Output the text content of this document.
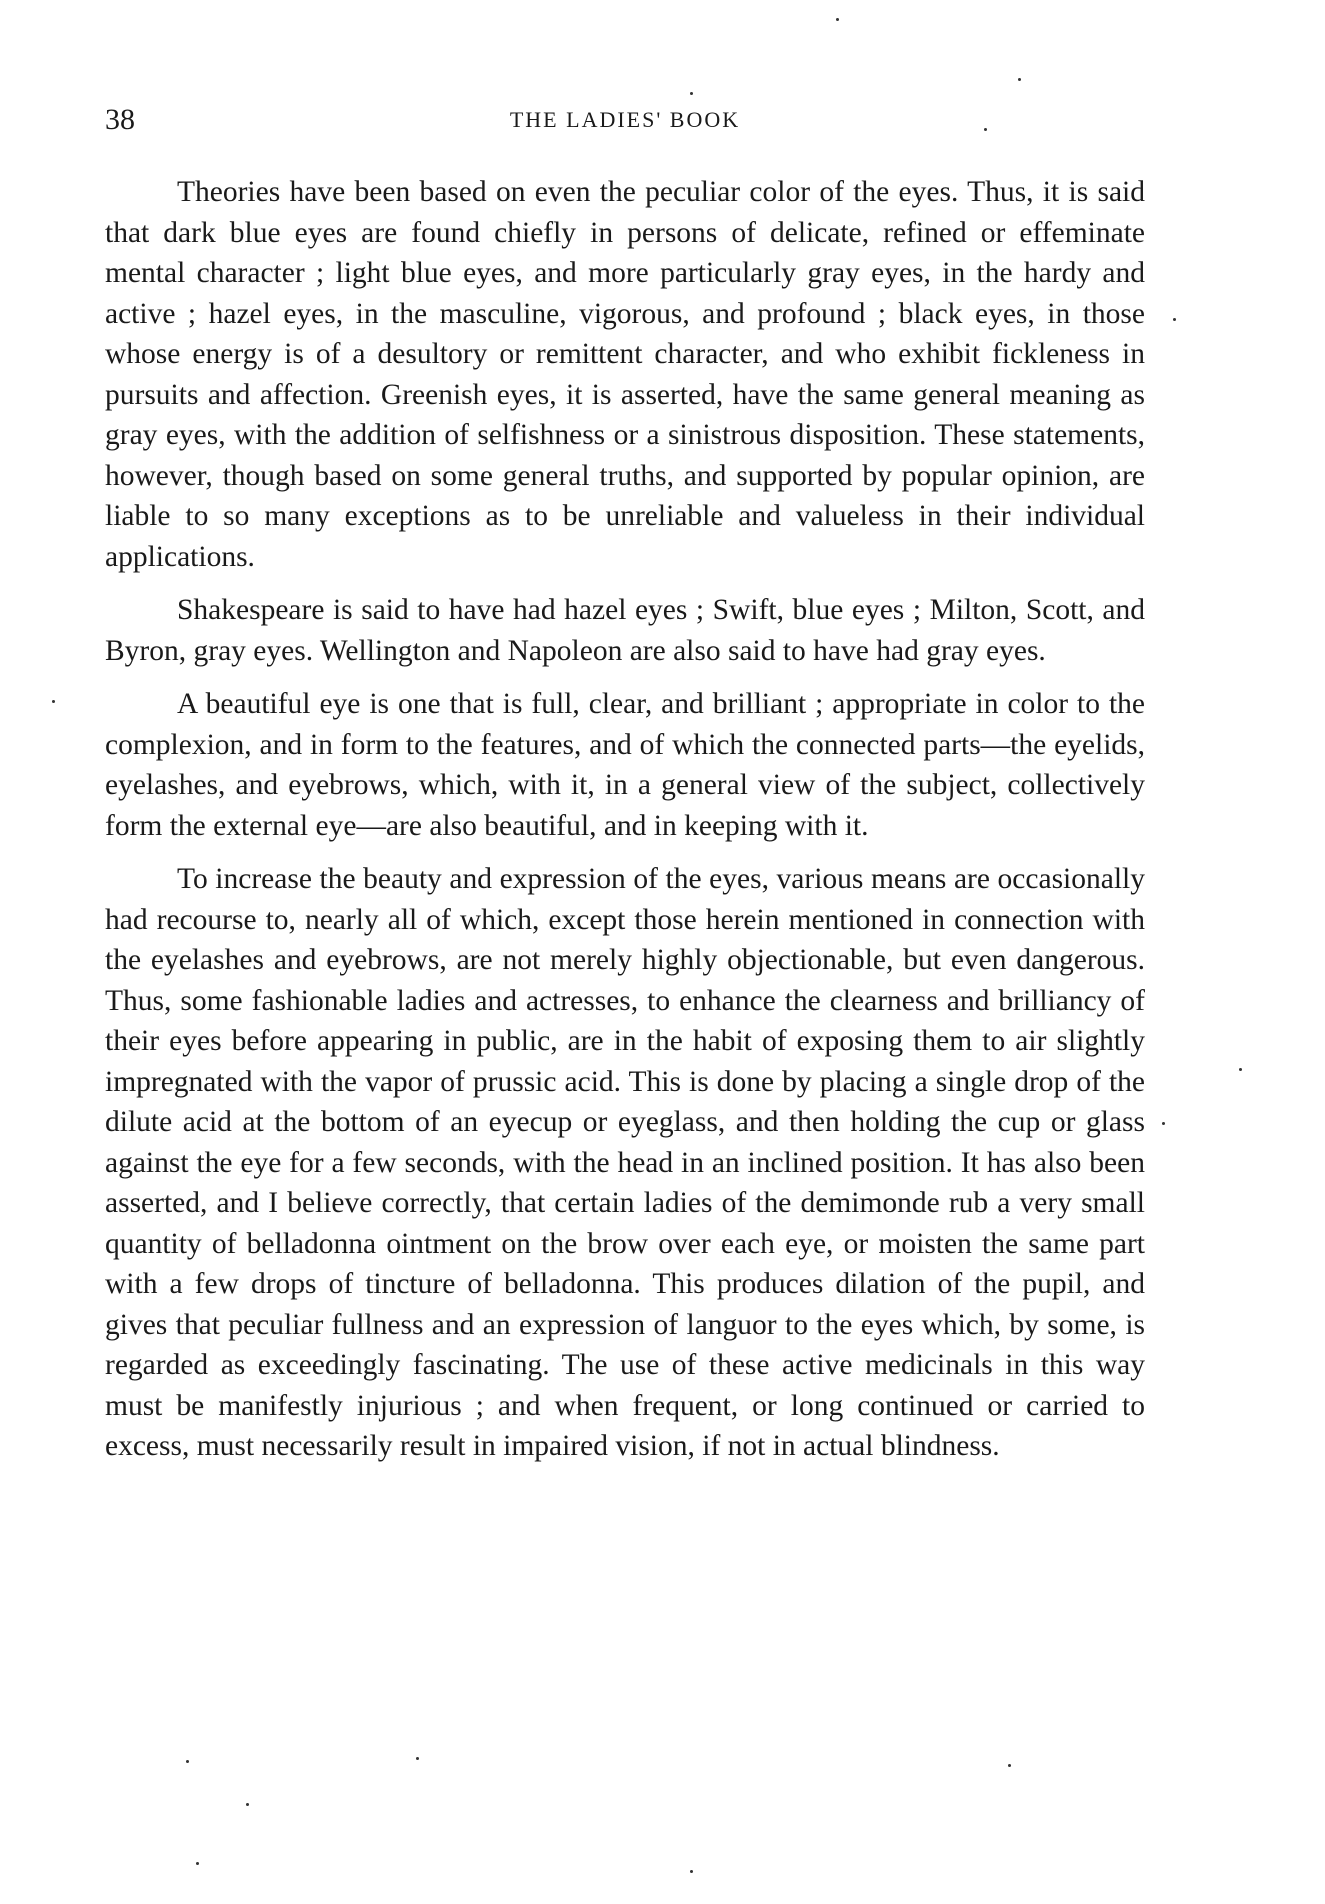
38	THE LADIES' BOOK

Theories have been based on even the peculiar color of the eyes. Thus, it is said that dark blue eyes are found chiefly in persons of delicate, refined or effeminate mental character ; light blue eyes, and more particularly gray eyes, in the hardy and active ; hazel eyes, in the masculine, vigorous, and profound ; black eyes, in those whose energy is of a desultory or remittent character, and who exhibit fickleness in pursuits and affection. Greenish eyes, it is asserted, have the same general meaning as gray eyes, with the addition of selfishness or a sinistrous disposition. These statements, however, though based on some general truths, and supported by popular opinion, are liable to so many exceptions as to be unreliable and valueless in their individual applications.

Shakespeare is said to have had hazel eyes ; Swift, blue eyes ; Milton, Scott, and Byron, gray eyes. Wellington and Napoleon are also said to have had gray eyes.

A beautiful eye is one that is full, clear, and brilliant ; appropriate in color to the complexion, and in form to the features, and of which the connected parts—the eyelids, eyelashes, and eyebrows, which, with it, in a general view of the subject, collectively form the external eye—are also beautiful, and in keeping with it.

To increase the beauty and expression of the eyes, various means are occasionally had recourse to, nearly all of which, except those herein mentioned in connection with the eyelashes and eyebrows, are not merely highly objectionable, but even dangerous. Thus, some fashionable ladies and actresses, to enhance the clearness and brilliancy of their eyes before appearing in public, are in the habit of exposing them to air slightly impregnated with the vapor of prussic acid. This is done by placing a single drop of the dilute acid at the bottom of an eyecup or eyeglass, and then holding the cup or glass against the eye for a few seconds, with the head in an inclined position. It has also been asserted, and I believe correctly, that certain ladies of the demimonde rub a very small quantity of belladonna ointment on the brow over each eye, or moisten the same part with a few drops of tincture of belladonna. This produces dilation of the pupil, and gives that peculiar fullness and an expression of languor to the eyes which, by some, is regarded as exceedingly fascinating. The use of these active medicinals in this way must be manifestly injurious ; and when frequent, or long continued or carried to excess, must necessarily result in impaired vision, if not in actual blindness.
